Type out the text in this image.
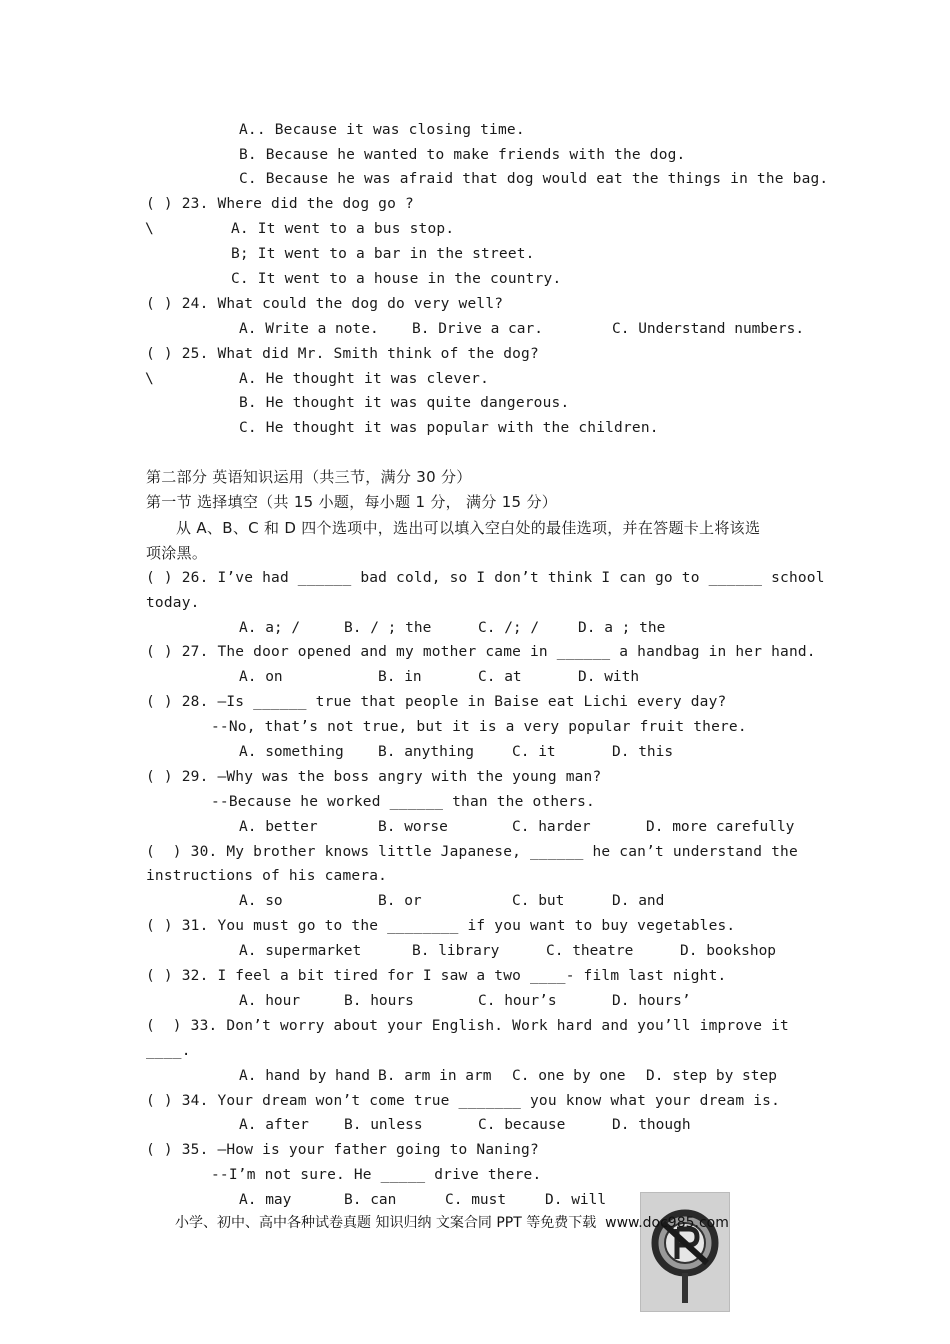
A.. Because it was closing time.
B. Because he wanted to make friends with the dog.
C. Because he was afraid that dog would eat the things in the bag.
( ) 23. Where did the dog go ?
\	A. It went to a bus stop.
B; It went to a bar in the street.
C. It went to a house in the country.
( ) 24. What could the dog do very well?
A. Write a note. B. Drive a car.	C. Understand numbers.
( ) 25. What did Mr. Smith think of the dog?
\	A. He thought it was clever.
B. He thought it was quite dangerous.
C. He thought it was popular with the children.
第二部分 英语知识运用（共三节，满分 30 分）
第一节 选择填空（共 15 小题，每小题 1 分， 满分 15 分）
从 A、B、C 和 D 四个选项中，选出可以填入空白处的最佳选项，并在答题卡上将该选
项涂黑。
( ) 26. I’ve had ______ bad cold, so I don’t think I can go to ______ school
today.
A. a; /	B. / ; the	C. /; /	D. a ; the
( ) 27. The door opened and my mother came in ______ a handbag in her hand.
A. on	B. in	C. at	D. with
( ) 28. –Is ______ true that people in Baise eat Lichi every day?
--No, that’s not true, but it is a very popular fruit there.
A. something B. anything	C. it	D. this
( ) 29. –Why was the boss angry with the young man?
--Because he worked ______ than the others.
A. better	B. worse	C. harder	D. more carefully
(  ) 30. My brother knows little Japanese, ______ he can’t understand the
instructions of his camera.
A. so	B. or	C. but	D. and
( ) 31. You must go to the ________ if you want to buy vegetables.
A. supermarket	B. library	C. theatre	D. bookshop
( ) 32. I feel a bit tired for I saw a two ____- film last night.
A. hour	B. hours	C. hour’s	D. hours’
(  ) 33. Don’t worry about your English. Work hard and you’ll improve it
____.
A. hand by hand B. arm in arm C. one by one D. step by step
( ) 34. Your dream won’t come true _______ you know what your dream is.
A. after B. unless	C. because	D. though
( ) 35. –How is your father going to Naning?
--I’m not sure. He _____ drive there.
A. may	B. can	C. must	D. will
小学、初中、高中各种试卷真题 知识归纳 文案合同 PPT 等免费下载  www.doc985.com
